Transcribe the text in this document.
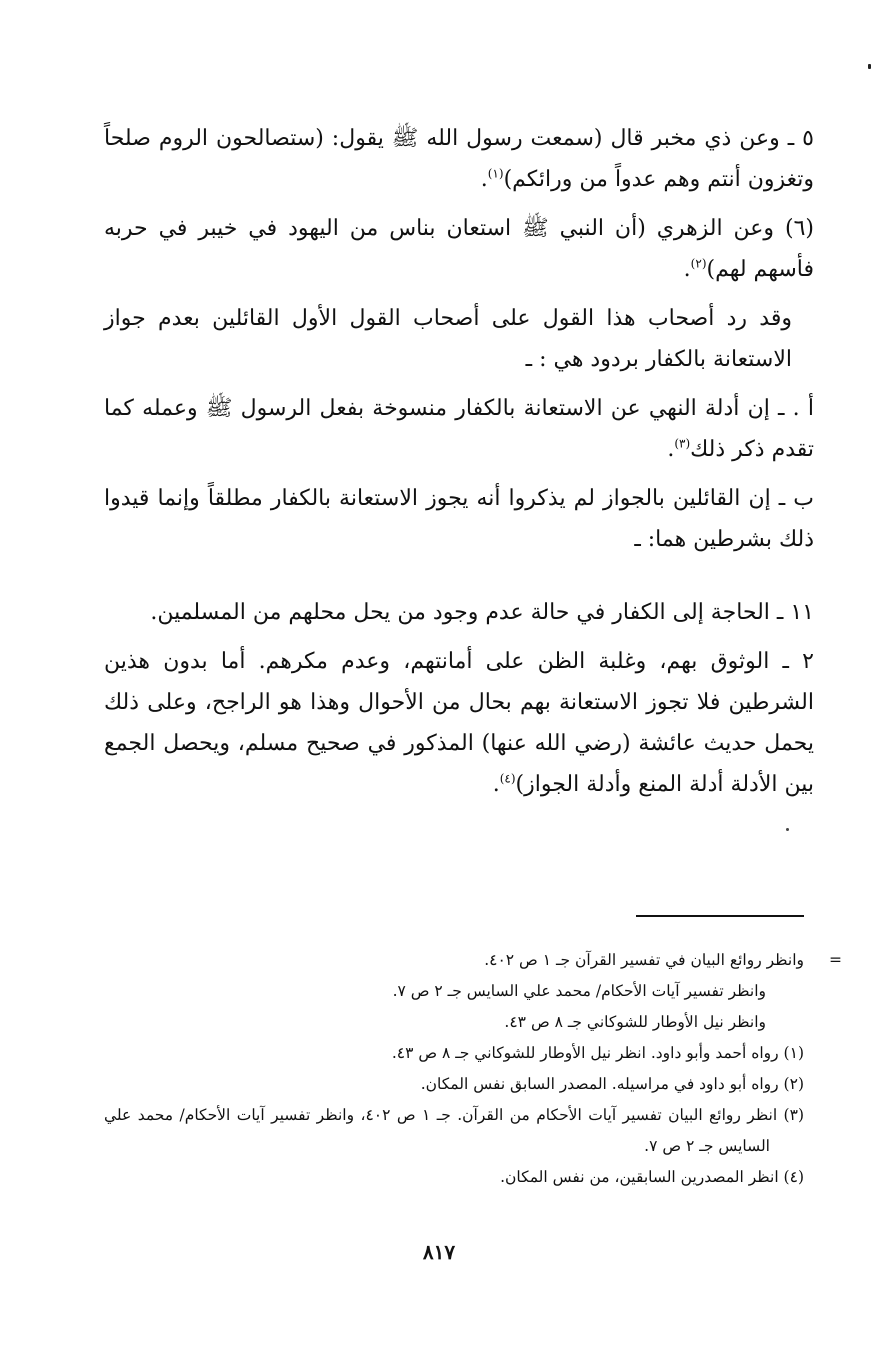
٥ ـ وعن ذي مخبر قال (سمعت رسول الله ﷺ يقول: (ستصالحون الروم صلحاً وتغزون أنتم وهم عدواً من ورائكم)$^{(١)}$.

(٦) وعن الزهري (أن النبي ﷺ استعان بناس من اليهود في خيبر في حربه فأسهم لهم)$^{(٢)}$.

وقد رد أصحاب هذا القول على أصحاب القول الأول القائلين بعدم جواز الاستعانة بالكفار بردود هي : ـ

أ . ـ إن أدلة النهي عن الاستعانة بالكفار منسوخة بفعل الرسول ﷺ وعمله كما تقدم ذكر ذلك$^{(٣)}$.

ب ـ إن القائلين بالجواز لم يذكروا أنه يجوز الاستعانة بالكفار مطلقاً وإنما قيدوا ذلك بشرطين هما: ـ

١١ ـ الحاجة إلى الكفار في حالة عدم وجود من يحل محلهم من المسلمين.

٢ ـ الوثوق بهم، وغلبة الظن على أمانتهم، وعدم مكرهم. أما بدون هذين الشرطين فلا تجوز الاستعانة بهم بحال من الأحوال وهذا هو الراجح، وعلى ذلك يحمل حديث عائشة (رضي الله عنها) المذكور في صحيح مسلم، ويحصل الجمع بين الأدلة أدلة المنع وأدلة الجواز)$^{(٤)}$.

=وانظر روائع البيان في تفسير القرآن جـ ١ ص ٤٠٢.

وانظر تفسير آيات الأحكام/ محمد علي السايس جـ ٢ ص ٧.

وانظر نيل الأوطار للشوكاني جـ ٨ ص ٤٣.

(١) رواه أحمد وأبو داود. انظر نيل الأوطار للشوكاني جـ ٨ ص ٤٣.

(٢) رواه أبو داود في مراسيله. المصدر السابق نفس المكان.

(٣) انظر روائع البيان تفسير آيات الأحكام من القرآن. جـ ١ ص ٤٠٢، وانظر تفسير آيات الأحكام/ محمد علي السايس جـ ٢ ص ٧.

(٤) انظر المصدرين السابقين، من نفس المكان.

٨١٧
